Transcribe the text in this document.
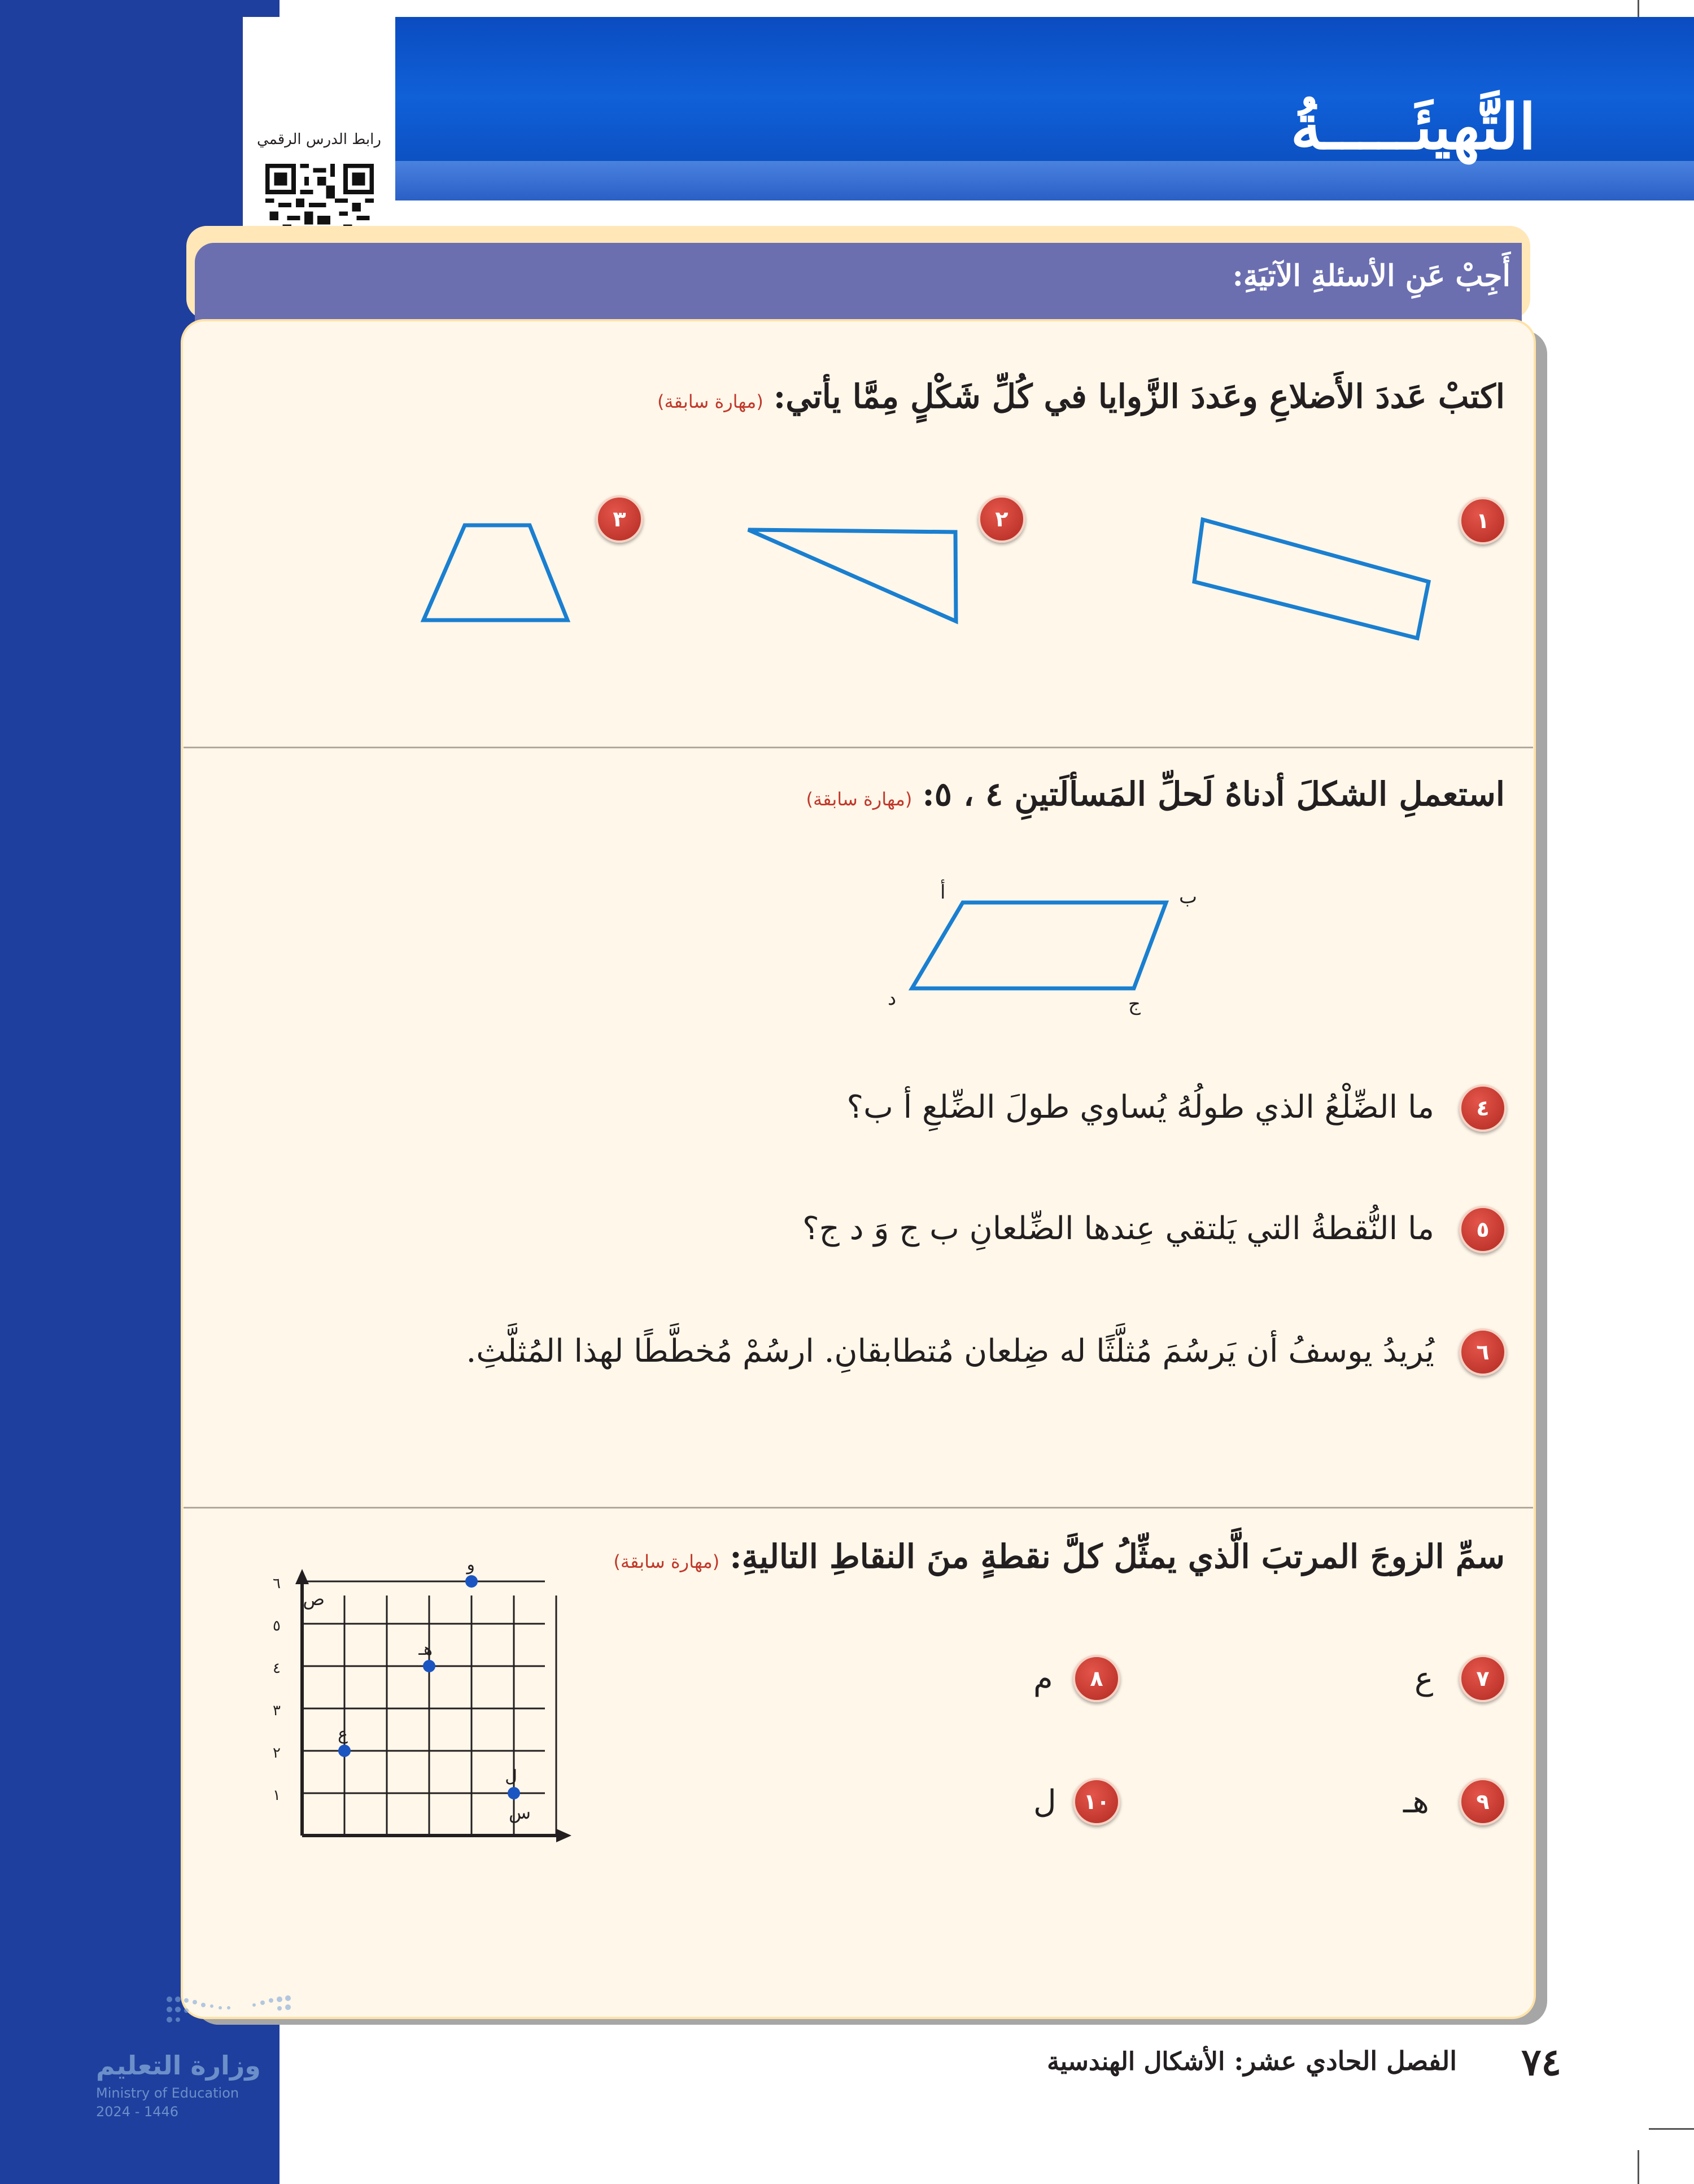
التَّهيئَـــــةُ
رابط الدرس الرقمي
أَجِبْ عَنِ الأسئلةِ الآتيَةِ:
اكتبْ عَددَ الأَضلاعِ وعَددَ الزَّوايا في كُلِّ شَكْلٍ مِمَّا يأتي:(مهارة سابقة)
١
٢
٣
استعملِ الشكلَ أدناهُ لَحلِّ المَسألَتينِ ٤ ، ٥:(مهارة سابقة)
أ	ب
ج
د
٤
ما الضِّلْعُ الذي طولُهُ يُساوي طولَ الضِّلعِ أ ب؟
٥
ما النُّقطةُ التي يَلتقي عِندها الضِّلعانِ ب ج وَ د ج؟
٦
يُريدُ يوسفُ أن يَرسُمَ مُثلَّثًا له ضِلعان مُتطابقانِ. ارسُمْ مُخطَّطًا لهذا المُثلَّثِ.
سمِّ الزوجَ المرتبَ الَّذي يمثِّلُ كلَّ نقطةٍ منَ النقاطِ التاليةِ:(مهارة سابقة)
٧
ع
٨
م
٩
هـ
١٠
ل
ص
س
١
٢
٣
٤
٥
٦
و
هـ
ع
ل
الفصل الحادي عشر: الأشكال الهندسية	٧٤
وزارة التعليم
Ministry of Education
2024 - 1446
